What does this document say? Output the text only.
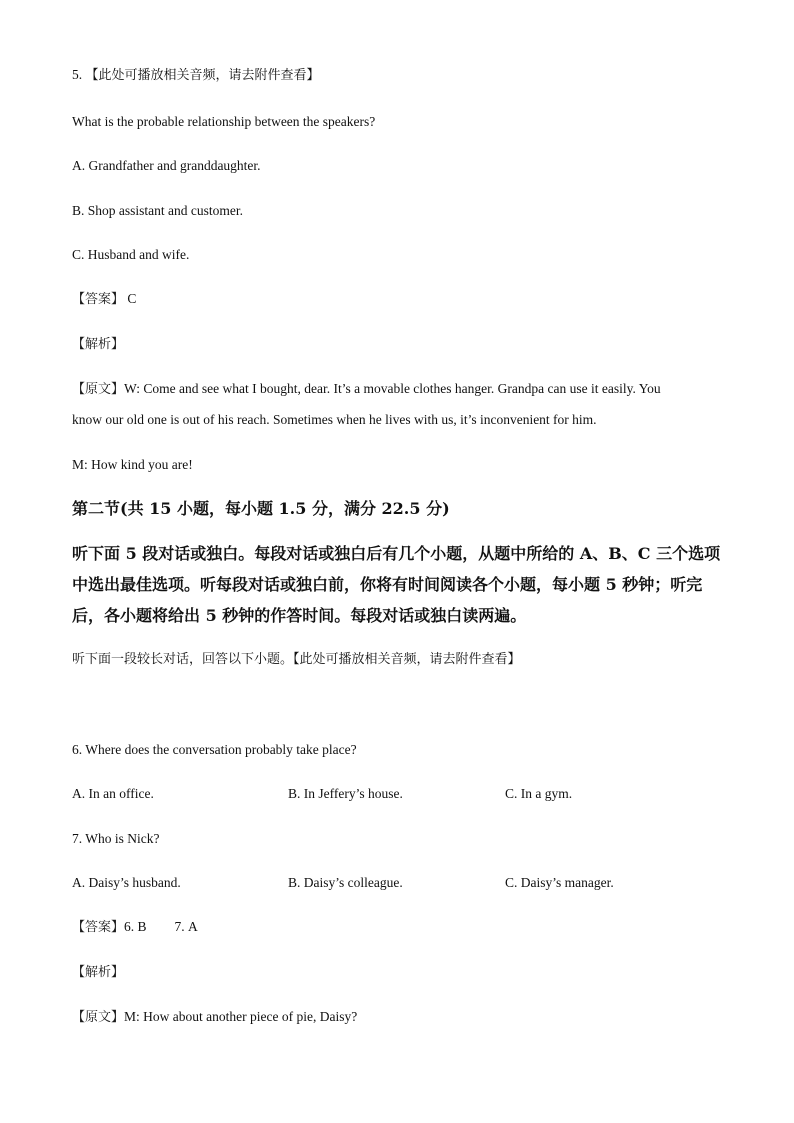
5. 【此处可播放相关音频，请去附件查看】
What is the probable relationship between the speakers?
A. Grandfather and granddaughter.
B. Shop assistant and customer.
C. Husband and wife.
【答案】 C
【解析】
【原文】W: Come and see what I bought, dear. It’s a movable clothes hanger. Grandpa can use it easily. You
know our old one is out of his reach. Sometimes when he lives with us, it’s inconvenient for him.
M: How kind you are!
第二节(共 15 小题，每小题 1.5 分，满分 22.5 分)
听下面 5 段对话或独白。每段对话或独白后有几个小题，从题中所给的 A、B、C 三个选项中选出最佳选项。听每段对话或独白前，你将有时间阅读各个小题，每小题 5 秒钟；听完后，各小题将给出 5 秒钟的作答时间。每段对话或独白读两遍。
听下面一段较长对话，回答以下小题。【此处可播放相关音频，请去附件查看】
6. Where does the conversation probably take place?
A. In an office.	B. In Jeffery’s house.	C. In a gym.
7. Who is Nick?
A. Daisy’s husband.	B. Daisy’s colleague.	C. Daisy’s manager.
【答案】6. B 7. A
【解析】
【原文】M: How about another piece of pie, Daisy?
